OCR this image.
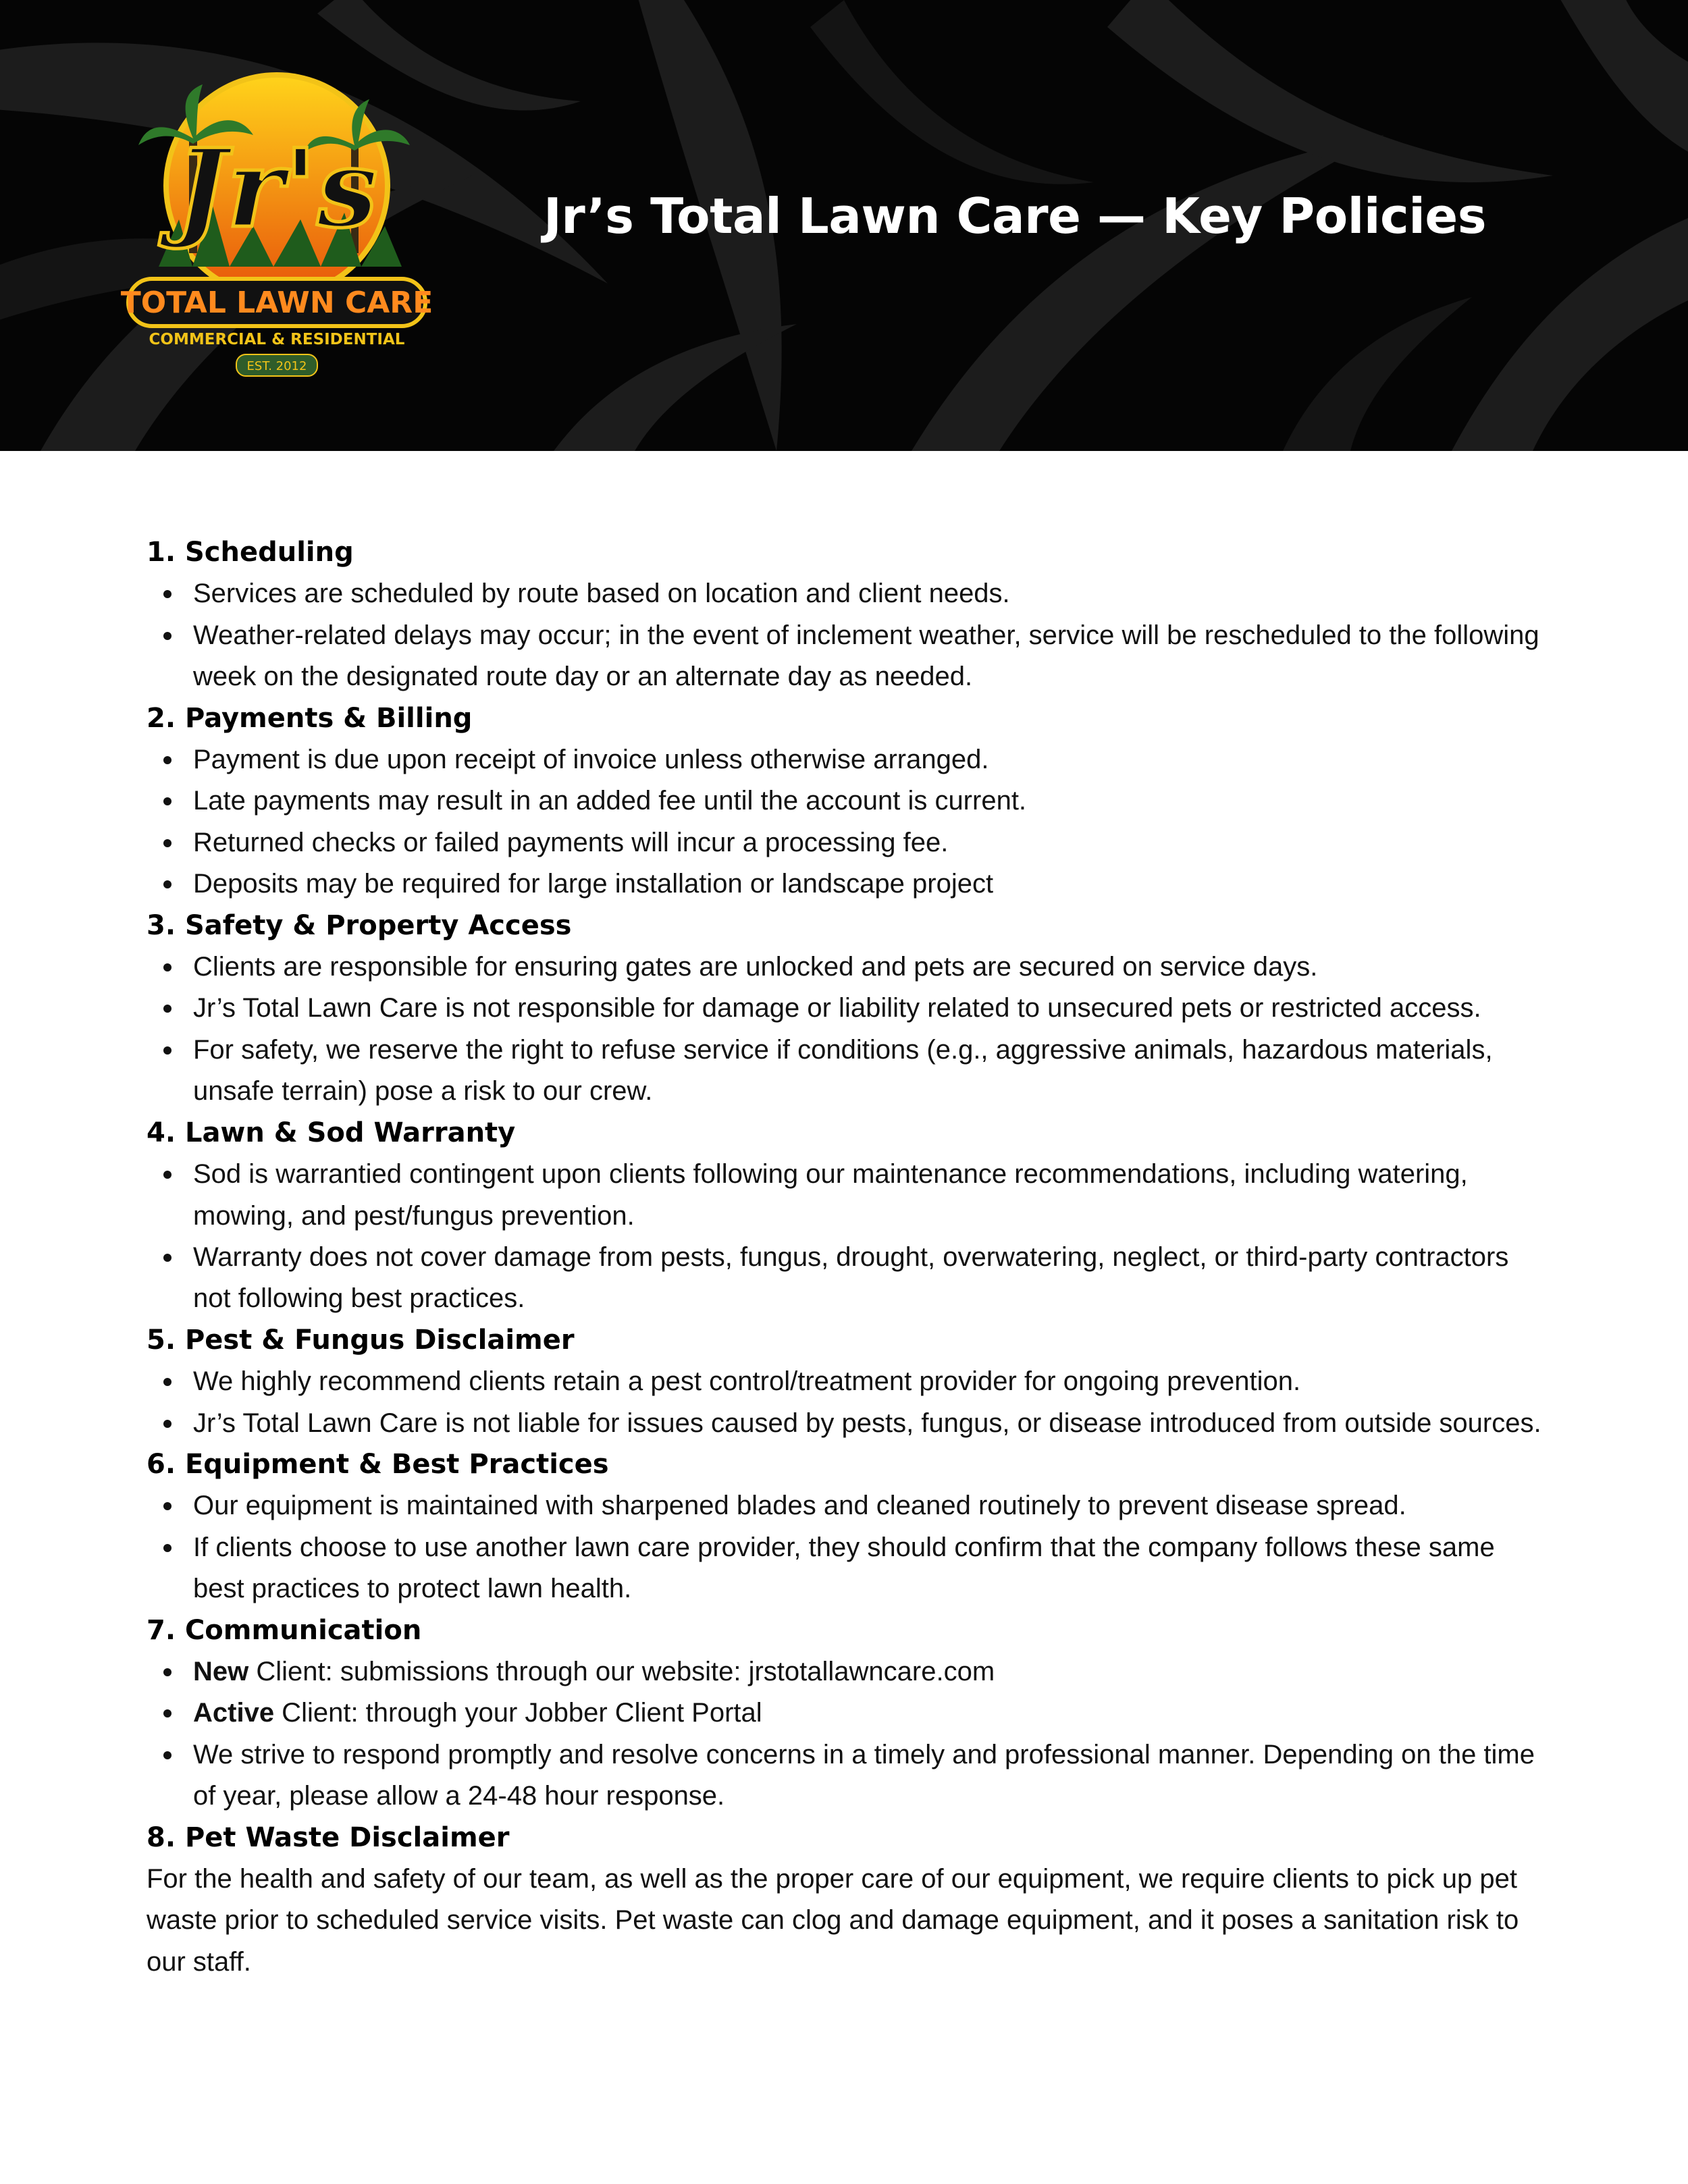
Jr's
TOTAL LAWN CARE
COMMERCIAL & RESIDENTIAL
EST. 2012
Jr’s Total Lawn Care — Key Policies
1. Scheduling
Services are scheduled by route based on location and client needs.
Weather-related delays may occur; in the event of inclement weather, service will be rescheduled to the following week on the designated route day or an alternate day as needed.
2. Payments & Billing
Payment is due upon receipt of invoice unless otherwise arranged.
Late payments may result in an added fee until the account is current.
Returned checks or failed payments will incur a processing fee.
Deposits may be required for large installation or landscape project
3. Safety & Property Access
Clients are responsible for ensuring gates are unlocked and pets are secured on service days.
Jr’s Total Lawn Care is not responsible for damage or liability related to unsecured pets or restricted access.
For safety, we reserve the right to refuse service if conditions (e.g., aggressive animals, hazardous materials, unsafe terrain) pose a risk to our crew.
4. Lawn & Sod Warranty
Sod is warrantied contingent upon clients following our maintenance recommendations, including watering, mowing, and pest/fungus prevention.
Warranty does not cover damage from pests, fungus, drought, overwatering, neglect, or third-party contractors not following best practices.
5. Pest & Fungus Disclaimer
We highly recommend clients retain a pest control/treatment provider for ongoing prevention.
Jr’s Total Lawn Care is not liable for issues caused by pests, fungus, or disease introduced from outside sources.
6. Equipment & Best Practices
Our equipment is maintained with sharpened blades and cleaned routinely to prevent disease spread.
If clients choose to use another lawn care provider, they should confirm that the company follows these same best practices to protect lawn health.
7. Communication
New Client: submissions through our website: jrstotallawncare.com
Active Client: through your Jobber Client Portal
We strive to respond promptly and resolve concerns in a timely and professional manner. Depending on the time of year, please allow a 24-48 hour response.
8. Pet Waste Disclaimer

For the health and safety of our team, as well as the proper care of our equipment, we require clients to pick up pet waste prior to scheduled service visits. Pet waste can clog and damage equipment, and it poses a sanitation risk to our staff.
